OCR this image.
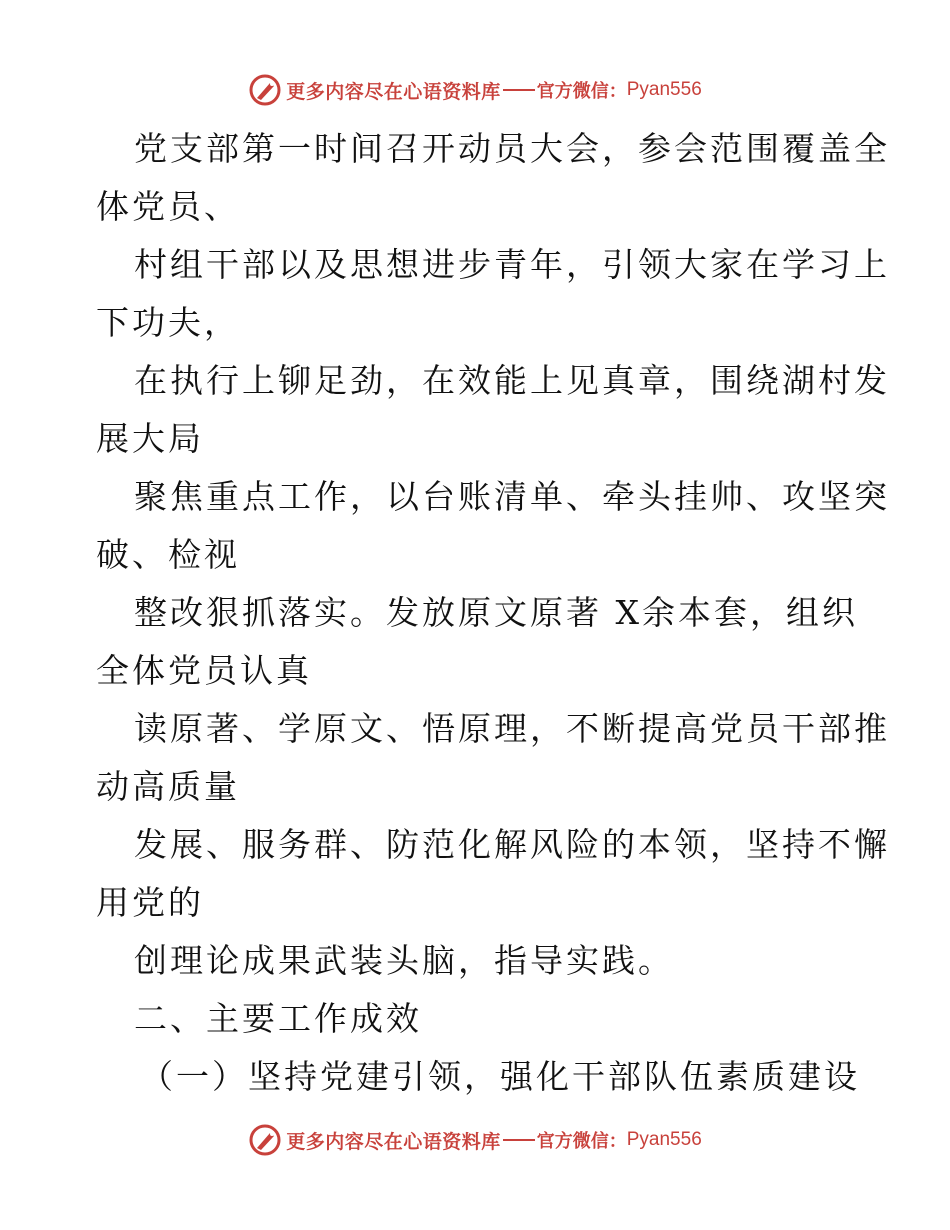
更多内容尽在心语资料库 官方微信： Pyan556
党支部第一时间召开动员大会，参会范围覆盖全
体党员、
村组干部以及思想进步青年，引领大家在学习上
下功夫，
在执行上铆足劲，在效能上见真章，围绕湖村发
展大局
聚焦重点工作，以台账清单、牵头挂帅、攻坚突
破、检视
整改狠抓落实。发放原文原著 X余本套，组织
全体党员认真
读原著、学原文、悟原理，不断提高党员干部推
动高质量
发展、服务群、防范化解风险的本领，坚持不懈
用党的
创理论成果武装头脑，指导实践。
二、主要工作成效
（一）坚持党建引领，强化干部队伍素质建设
更多内容尽在心语资料库 官方微信： Pyan556
